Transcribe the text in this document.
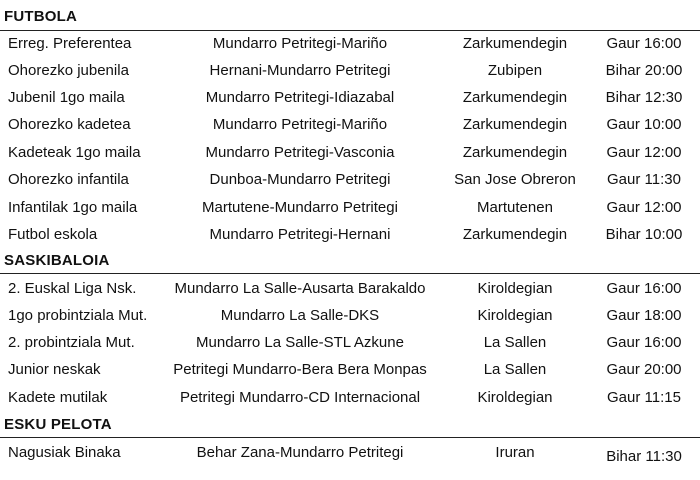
FUTBOLA
Erreg. Preferentea	Mundarro Petritegi-Mariño	Zarkumendegin	Gaur 16:00
Ohorezko jubenila	Hernani-Mundarro Petritegi	Zubipen	Bihar 20:00
Jubenil 1go maila	Mundarro Petritegi-Idiazabal	Zarkumendegin	Bihar 12:30
Ohorezko kadetea	Mundarro Petritegi-Mariño	Zarkumendegin	Gaur 10:00
Kadeteak 1go maila	Mundarro Petritegi-Vasconia	Zarkumendegin	Gaur 12:00
Ohorezko infantila	Dunboa-Mundarro Petritegi	San Jose Obreron	Gaur 11:30
Infantilak 1go maila	Martutene-Mundarro Petritegi	Martutenen	Gaur 12:00
Futbol eskola	Mundarro Petritegi-Hernani	Zarkumendegin	Bihar 10:00
SASKIBALOIA
2. Euskal Liga Nsk.	Mundarro La Salle-Ausarta Barakaldo	Kiroldegian	Gaur 16:00
1go probintziala Mut.	Mundarro La Salle-DKS	Kiroldegian	Gaur 18:00
2. probintziala Mut.	Mundarro La Salle-STL Azkune	La Sallen	Gaur 16:00
Junior neskak	Petritegi Mundarro-Bera Bera Monpas	La Sallen	Gaur 20:00
Kadete mutilak	Petritegi Mundarro-CD Internacional	Kiroldegian	Gaur 11:15
ESKU PELOTA
Nagusiak Binaka	Behar Zana-Mundarro Petritegi	Iruran	Bihar 11:30
